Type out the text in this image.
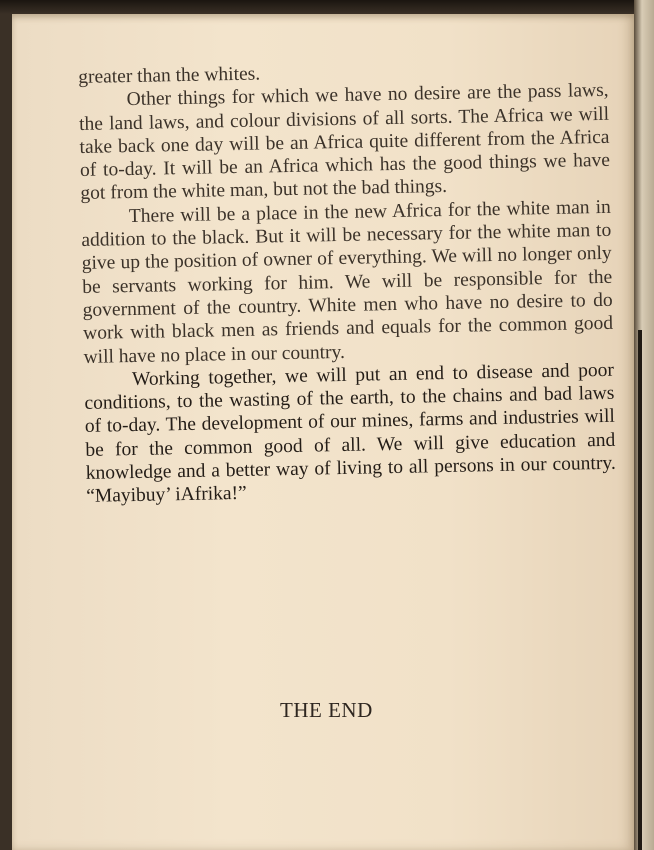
greater than the whites.

Other things for which we have no desire are the pass laws, the land laws, and colour divisions of all sorts. The Africa we will take back one day will be an Africa quite different from the Africa of to-day. It will be an Africa which has the good things we have got from the white man, but not the bad things.

There will be a place in the new Africa for the white man in addition to the black. But it will be necessary for the white man to give up the position of owner of everything. We will no longer only be servants working for him. We will be responsible for the government of the country. White men who have no desire to do work with black men as friends and equals for the common good will have no place in our country.

Working together, we will put an end to disease and poor conditions, to the wasting of the earth, to the chains and bad laws of to-day. The development of our mines, farms and industries will be for the common good of all. We will give education and knowledge and a better way of living to all persons in our country. “Mayibuy’ iAfrika!”

THE END
